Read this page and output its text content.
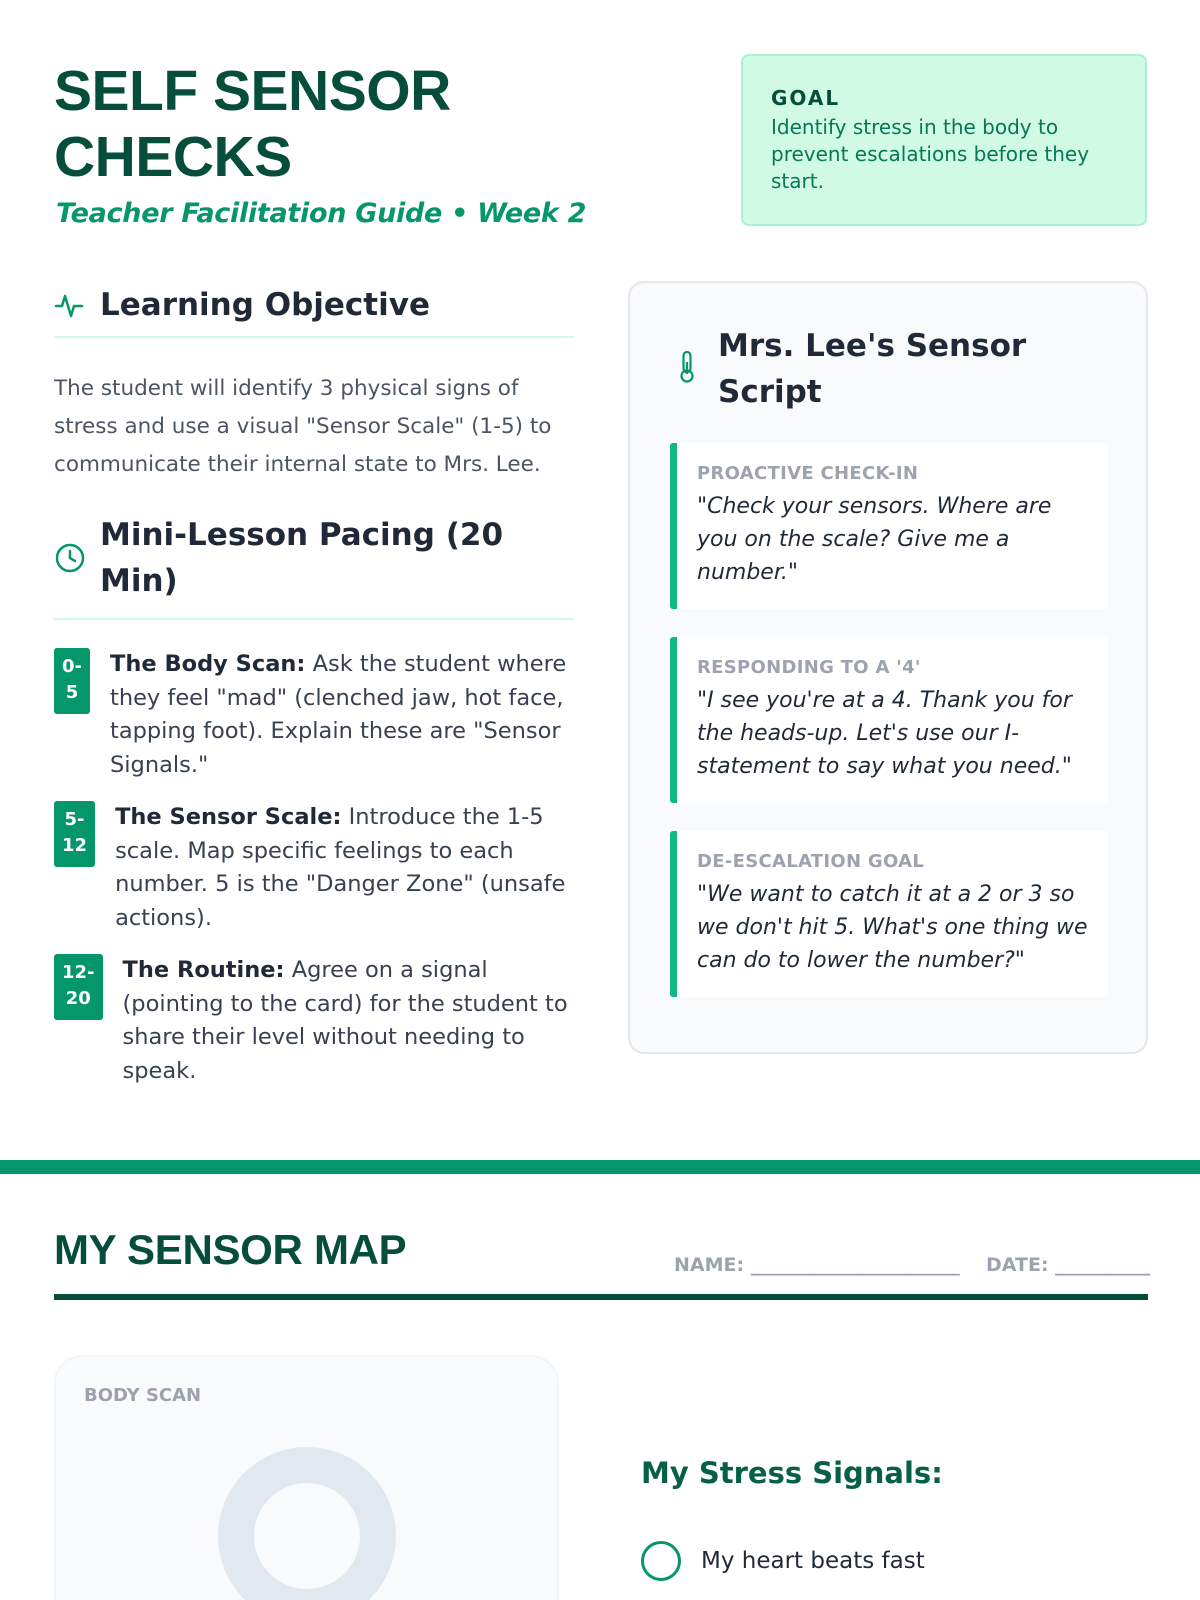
SELF SENSOR
CHECKS
Teacher Facilitation Guide • Week 2
GOAL
Identify stress in the body to prevent escalations before they start.
Learning Objective
The student will identify 3 physical signs of stress and use a visual "Sensor Scale" (1-5) to communicate their internal state to Mrs. Lee.
Mini-Lesson Pacing (20 Min)
0-
5
The Body Scan: Ask the student where they feel "mad" (clenched jaw, hot face, tapping foot). Explain these are "Sensor Signals."
5-
12
The Sensor Scale: Introduce the 1-5 scale. Map specific feelings to each number. 5 is the "Danger Zone" (unsafe actions).
12-
20
The Routine: Agree on a signal (pointing to the card) for the student to share their level without needing to speak.
Mrs. Lee's Sensor Script
PROACTIVE CHECK-IN
"Check your sensors. Where are you on the scale? Give me a number."
RESPONDING TO A '4'
"I see you're at a 4. Thank you for the heads-up. Let's use our I-statement to say what you need."
DE-ESCALATION GOAL
"We want to catch it at a 2 or 3 so we don't hit 5. What's one thing we can do to lower the number?"
MY SENSOR MAP	NAME: ______________________ DATE: __________
BODY SCAN
My Stress Signals:
My heart beats fast
